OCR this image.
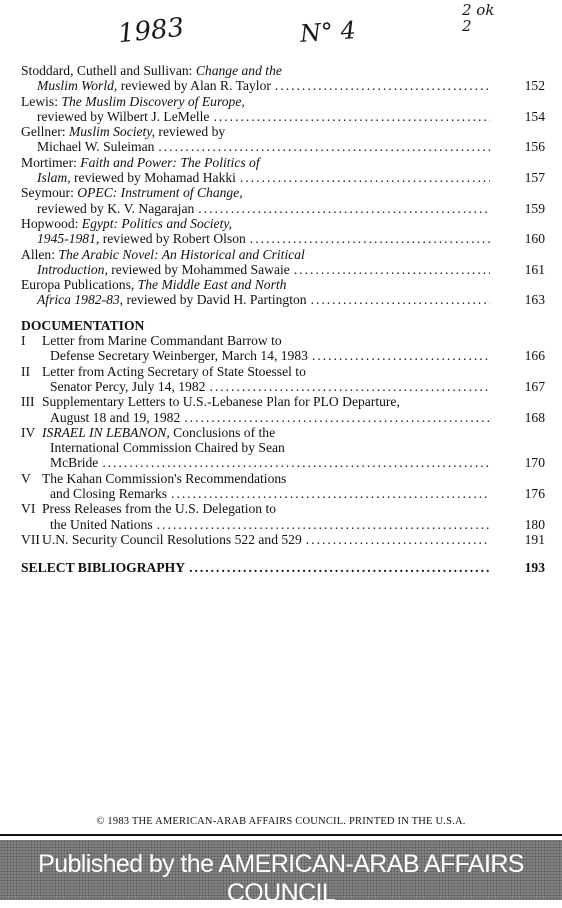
1983	N° 4
2 ok
2
Stoddard, Cuthell and Sullivan: Change and the
Muslim World, reviewed by Alan R. Taylor .....	152
Lewis: The Muslim Discovery of Europe,
reviewed by Wilbert J. LeMelle .....	154
Gellner: Muslim Society, reviewed by
Michael W. Suleiman .....	156
Mortimer: Faith and Power: The Politics of
Islam, reviewed by Mohamad Hakki .....	157
Seymour: OPEC: Instrument of Change,
reviewed by K. V. Nagarajan .....	159
Hopwood: Egypt: Politics and Society,
1945-1981, reviewed by Robert Olson .....	160
Allen: The Arabic Novel: An Historical and Critical
Introduction, reviewed by Mohammed Sawaie .....	161
Europa Publications, The Middle East and North
Africa 1982-83, reviewed by David H. Partington .....	163
DOCUMENTATION
I	Letter from Marine Commandant Barrow to
Defense Secretary Weinberger, March 14, 1983 .....	166
II Letter from Acting Secretary of State Stoessel to
Senator Percy, July 14, 1982 .....	167
III Supplementary Letters to U.S.-Lebanese Plan for PLO Departure,
August 18 and 19, 1982 .....	168
IV ISRAEL IN LEBANON, Conclusions of the
International Commission Chaired by Sean
McBride .....	170
V The Kahan Commission's Recommendations
and Closing Remarks .....	176
VI Press Releases from the U.S. Delegation to
the United Nations .....	180
VII U.N. Security Council Resolutions 522 and 529 .....	191
SELECT BIBLIOGRAPHY .....	193
© 1983 THE AMERICAN-ARAB AFFAIRS COUNCIL. PRINTED IN THE U.S.A.
Published by the AMERICAN-ARAB AFFAIRS COUNCIL
